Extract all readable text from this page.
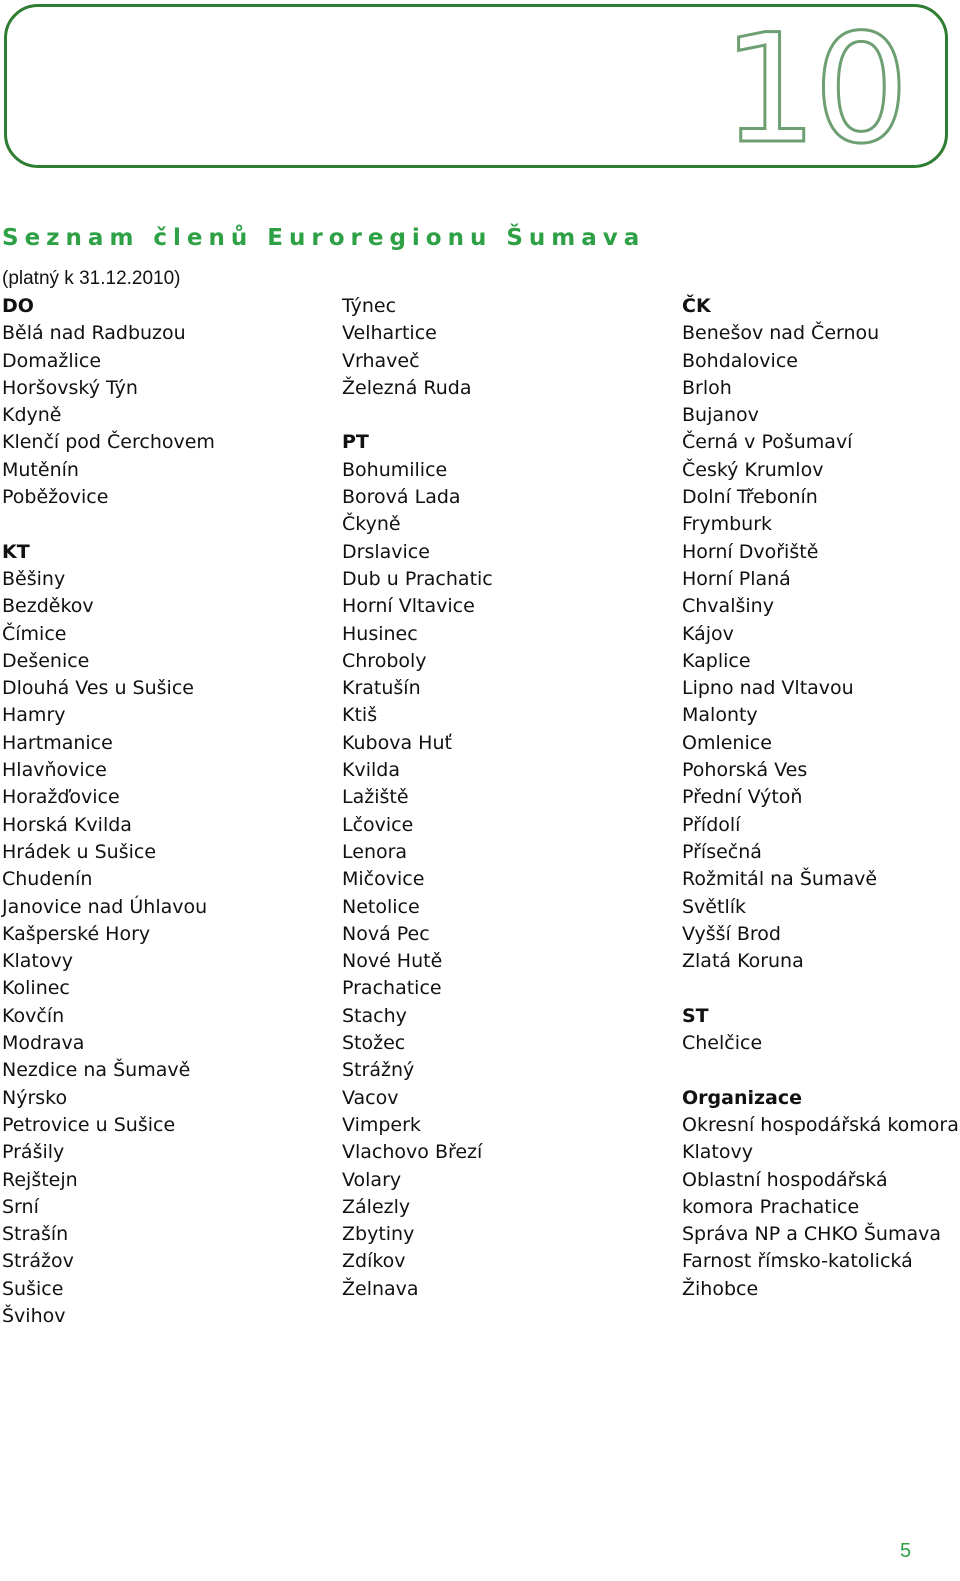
10
Seznam členů Euroregionu Šumava
(platný k 31.12.2010)
DO
Bělá nad Radbuzou
Domažlice
Horšovský Týn
Kdyně
Klenčí pod Čerchovem
Mutěnín
Poběžovice
KT
Běšiny
Bezděkov
Čímice
Dešenice
Dlouhá Ves u Sušice
Hamry
Hartmanice
Hlavňovice
Horažďovice
Horská Kvilda
Hrádek u Sušice
Chudenín
Janovice nad Úhlavou
Kašperské Hory
Klatovy
Kolinec
Kovčín
Modrava
Nezdice na Šumavě
Nýrsko
Petrovice u Sušice
Prášily
Rejštejn
Srní
Strašín
Strážov
Sušice
Švihov
Týnec
Velhartice
Vrhaveč
Železná Ruda
PT
Bohumilice
Borová Lada
Čkyně
Drslavice
Dub u Prachatic
Horní Vltavice
Husinec
Chroboly
Kratušín
Ktiš
Kubova Huť
Kvilda
Lažiště
Lčovice
Lenora
Mičovice
Netolice
Nová Pec
Nové Hutě
Prachatice
Stachy
Stožec
Strážný
Vacov
Vimperk
Vlachovo Březí
Volary
Zálezly
Zbytiny
Zdíkov
Želnava
ČK
Benešov nad Černou
Bohdalovice
Brloh
Bujanov
Černá v Pošumaví
Český Krumlov
Dolní Třebonín
Frymburk
Horní Dvořiště
Horní Planá
Chvalšiny
Kájov
Kaplice
Lipno nad Vltavou
Malonty
Omlenice
Pohorská Ves
Přední Výtoň
Přídolí
Přísečná
Rožmitál na Šumavě
Světlík
Vyšší Brod
Zlatá Koruna
ST
Chelčice
Organizace
Okresní hospodářská komora
Klatovy
Oblastní hospodářská
komora Prachatice
Správa NP a CHKO Šumava
Farnost římsko-katolická
Žihobce
5
